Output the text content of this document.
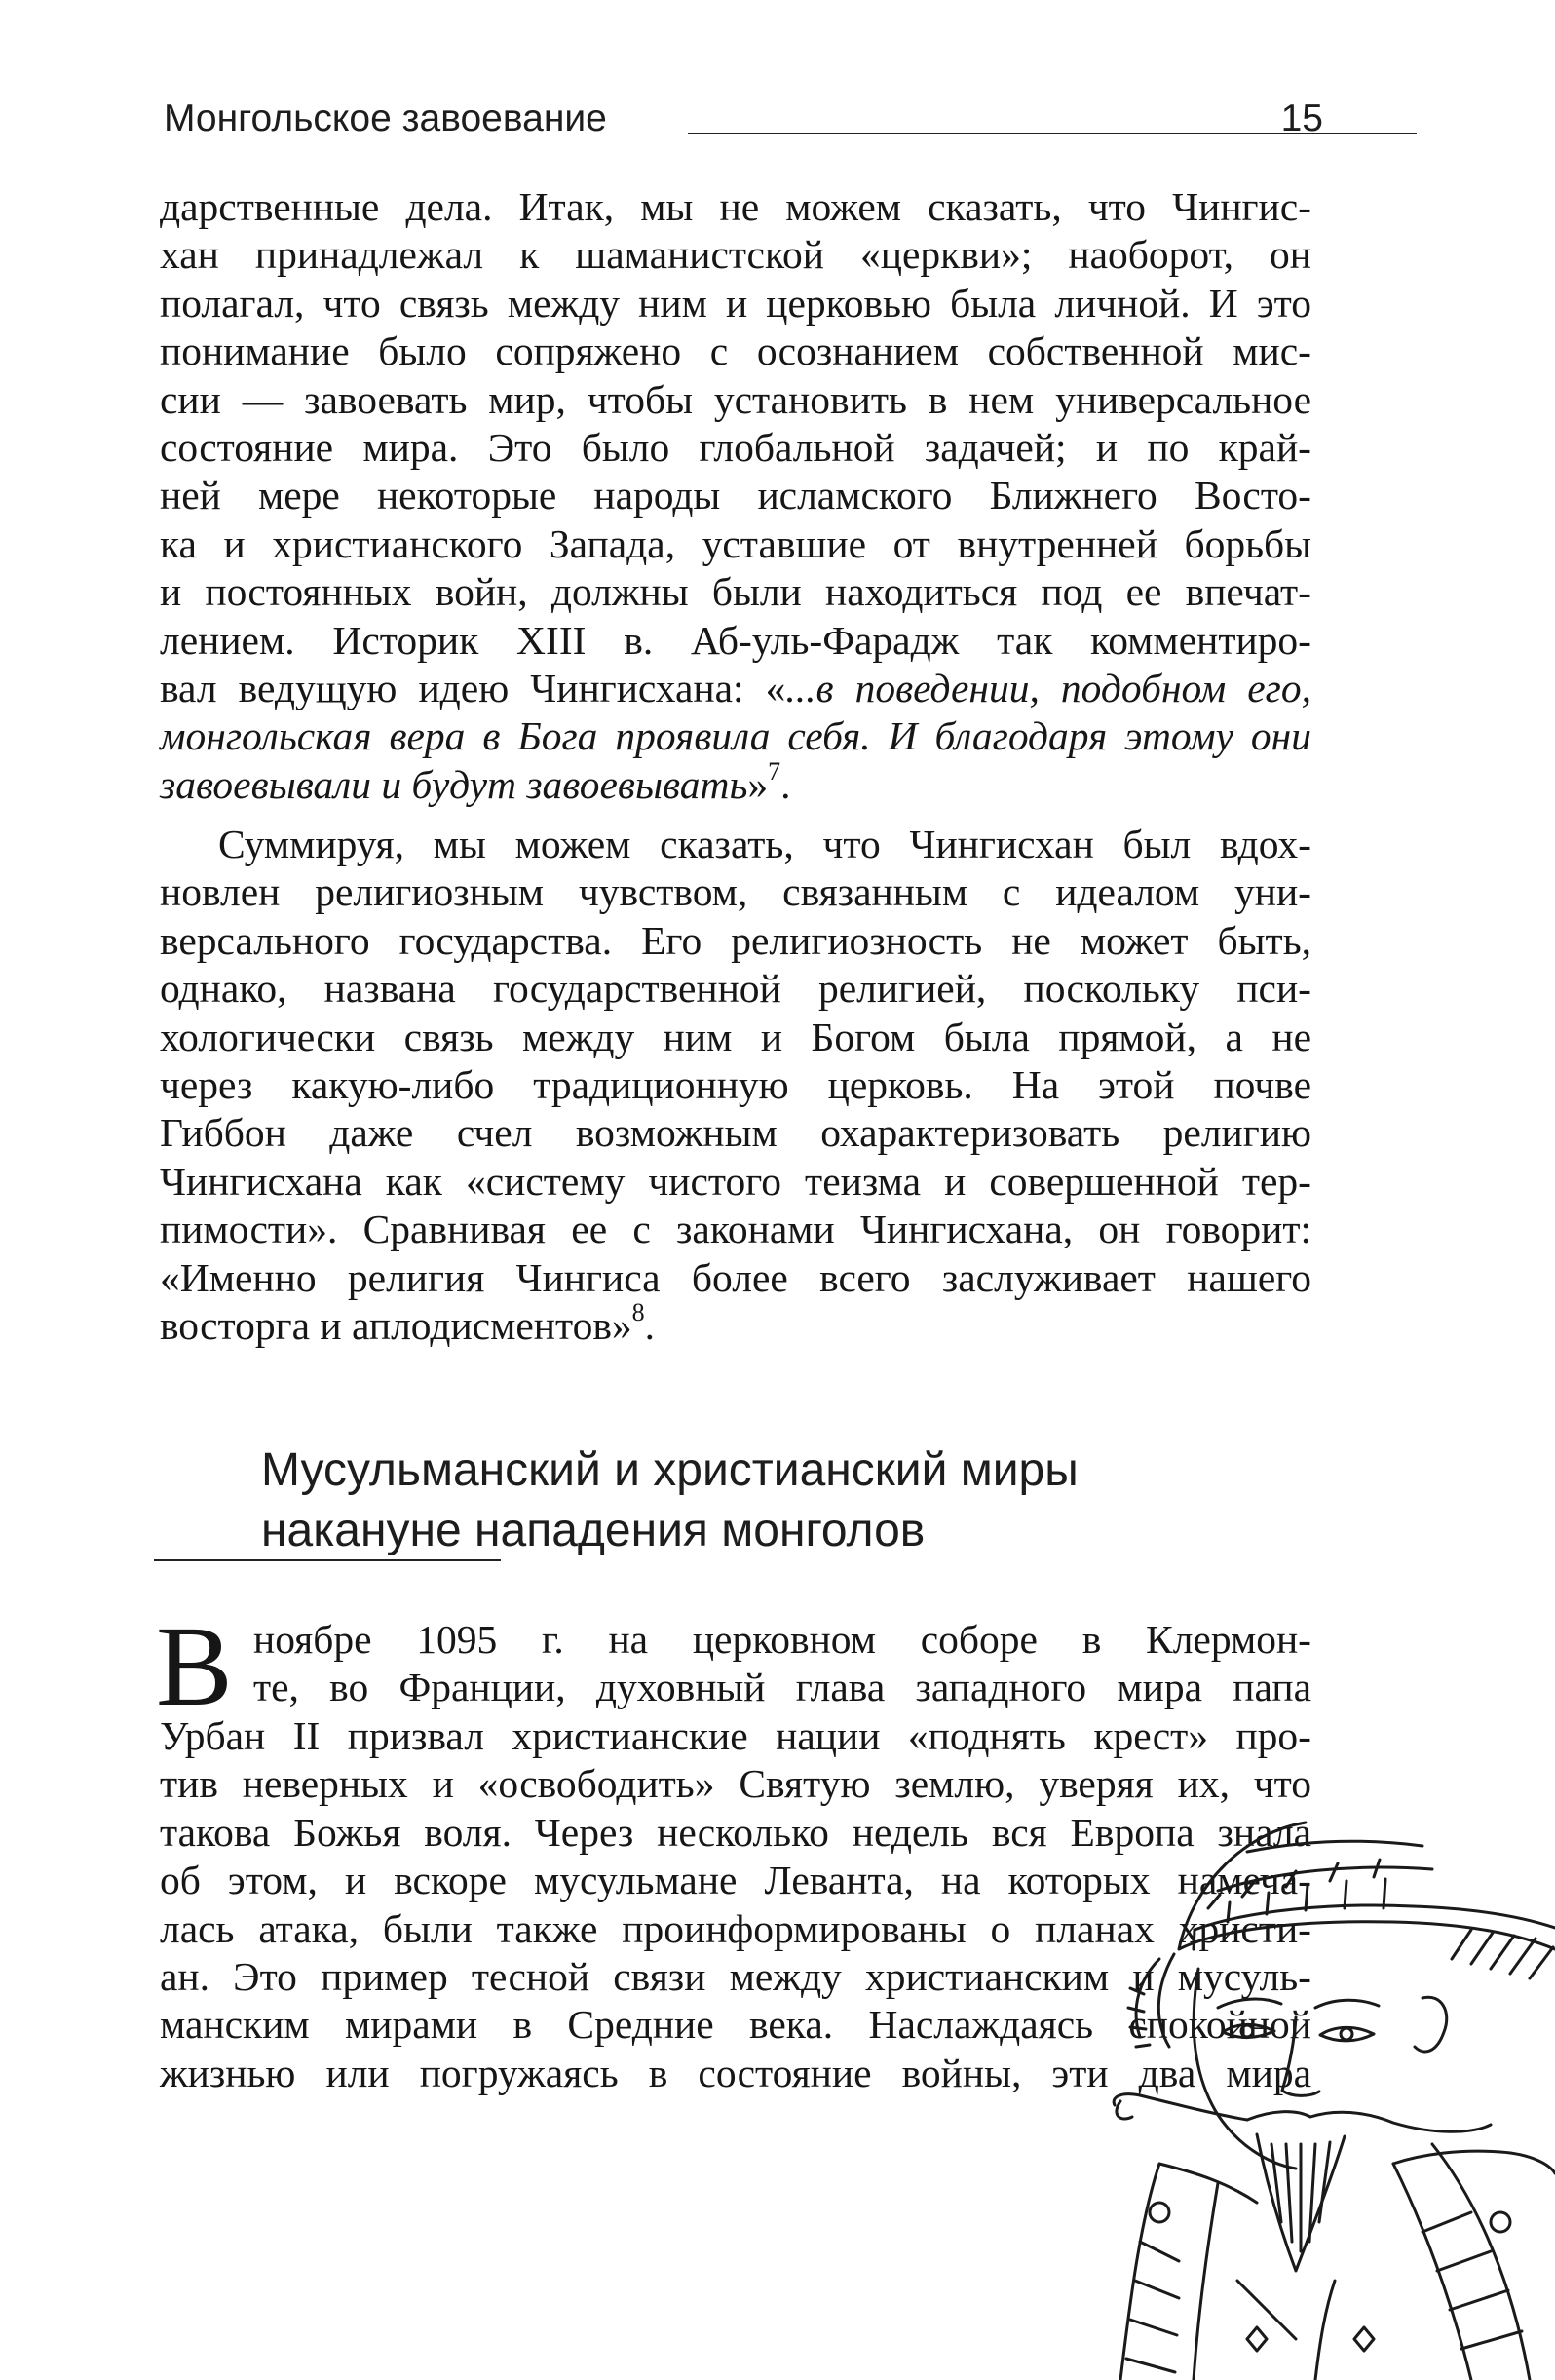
Монгольское завоевание	15
дарственные дела. Итак, мы не можем сказать, что Чингис-
хан принадлежал к шаманистской «церкви»; наоборот, он
полагал, что связь между ним и церковью была личной. И это
понимание было сопряжено с осознанием собственной мис-
сии — завоевать мир, чтобы установить в нем универсальное
состояние мира. Это было глобальной задачей; и по край-
ней мере некоторые народы исламского Ближнего Восто-
ка и христианского Запада, уставшие от внутренней борьбы
и постоянных войн, должны были находиться под ее впечат-
лением. Историк XIII в. Аб-уль-Фарадж так комментиро-
вал ведущую идею Чингисхана: «...в поведении, подобном его,
монгольская вера в Бога проявила себя. И благодаря этому они
завоевывали и будут завоевывать»$^7$.
Суммируя, мы можем сказать, что Чингисхан был вдох-
новлен религиозным чувством, связанным с идеалом уни-
версального государства. Его религиозность не может быть,
однако, названа государственной религией, поскольку пси-
хологически связь между ним и Богом была прямой, а не
через какую-либо традиционную церковь. На этой почве
Гиббон даже счел возможным охарактеризовать религию
Чингисхана как «систему чистого теизма и совершенной тер-
пимости». Сравнивая ее с законами Чингисхана, он говорит:
«Именно религия Чингиса более всего заслуживает нашего
восторга и аплодисментов»$^8$.
Мусульманский и христианский миры
накануне нападения монголов
В ноябре 1095 г. на церковном соборе в Клермон-
те, во Франции, духовный глава западного мира папа
Урбан II призвал христианские нации «поднять крест» про-
тив неверных и «освободить» Святую землю, уверяя их, что
такова Божья воля. Через несколько недель вся Европа знала
об этом, и вскоре мусульмане Леванта, на которых намеча-
лась атака, были также проинформированы о планах христи-
ан. Это пример тесной связи между христианским и мусуль-
манским мирами в Средние века. Наслаждаясь спокойной
жизнью или погружаясь в состояние войны, эти два мира
